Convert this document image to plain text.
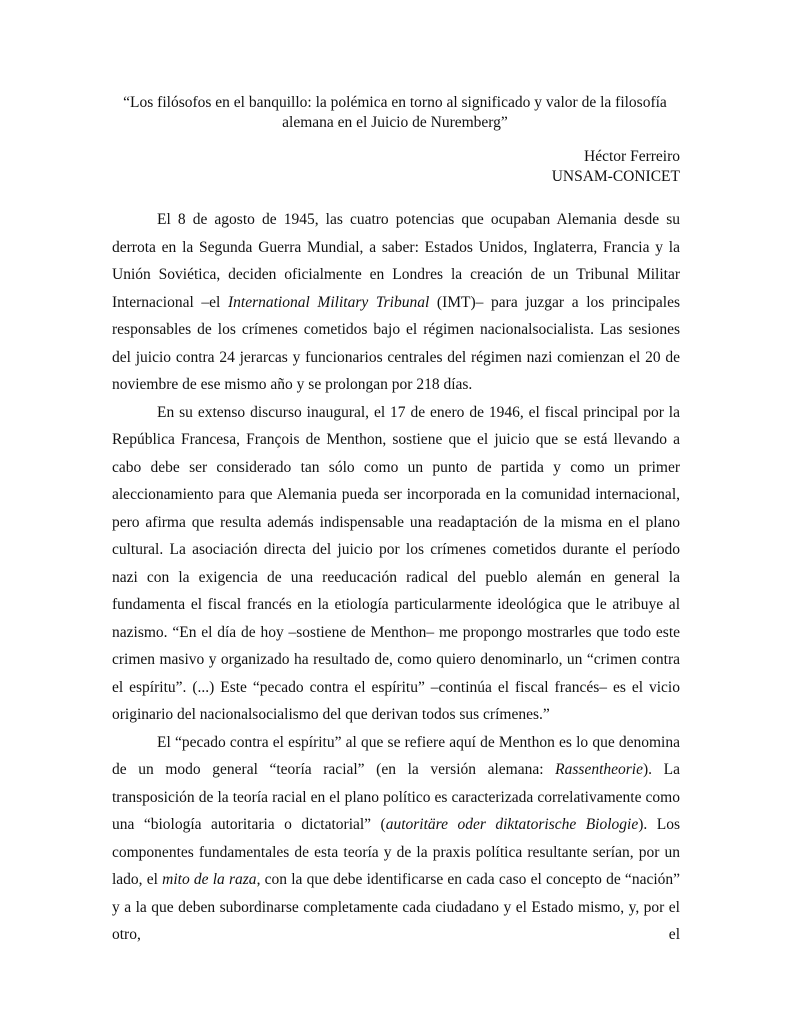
“Los filósofos en el banquillo: la polémica en torno al significado y valor de la filosofía
alemana en el Juicio de Nuremberg”
Héctor Ferreiro
UNSAM-CONICET

El 8 de agosto de 1945, las cuatro potencias que ocupaban Alemania desde su derrota en la Segunda Guerra Mundial, a saber: Estados Unidos, Inglaterra, Francia y la Unión Soviética, deciden oficialmente en Londres la creación de un Tribunal Militar Internacional ‒el International Military Tribunal (IMT)‒ para juzgar a los principales responsables de los crímenes cometidos bajo el régimen nacionalsocialista. Las sesiones del juicio contra 24 jerarcas y funcionarios centrales del régimen nazi comienzan el 20 de noviembre de ese mismo año y se prolongan por 218 días.

En su extenso discurso inaugural, el 17 de enero de 1946, el fiscal principal por la República Francesa, François de Menthon, sostiene que el juicio que se está llevando a cabo debe ser considerado tan sólo como un punto de partida y como un primer aleccionamiento para que Alemania pueda ser incorporada en la comunidad internacional, pero afirma que resulta además indispensable una readaptación de la misma en el plano cultural. La asociación directa del juicio por los crímenes cometidos durante el período nazi con la exigencia de una reeducación radical del pueblo alemán en general la fundamenta el fiscal francés en la etiología particularmente ideológica que le atribuye al nazismo. “En el día de hoy ‒sostiene de Menthon‒ me propongo mostrarles que todo este crimen masivo y organizado ha resultado de, como quiero denominarlo, un “crimen contra el espíritu”. (...) Este “pecado contra el espíritu” ‒continúa el fiscal francés‒ es el vicio originario del nacionalsocialismo del que derivan todos sus crímenes.”

El “pecado contra el espíritu” al que se refiere aquí de Menthon es lo que denomina de un modo general “teoría racial” (en la versión alemana: Rassentheorie). La transposición de la teoría racial en el plano político es caracterizada correlativamente como una “biología autoritaria o dictatorial” (autoritäre oder diktatorische Biologie). Los componentes fundamentales de esta teoría y de la praxis política resultante serían, por un lado, el mito de la raza, con la que debe identificarse en cada caso el concepto de “nación” y a la que deben subordinarse completamente cada ciudadano y el Estado mismo, y, por el otro, el
